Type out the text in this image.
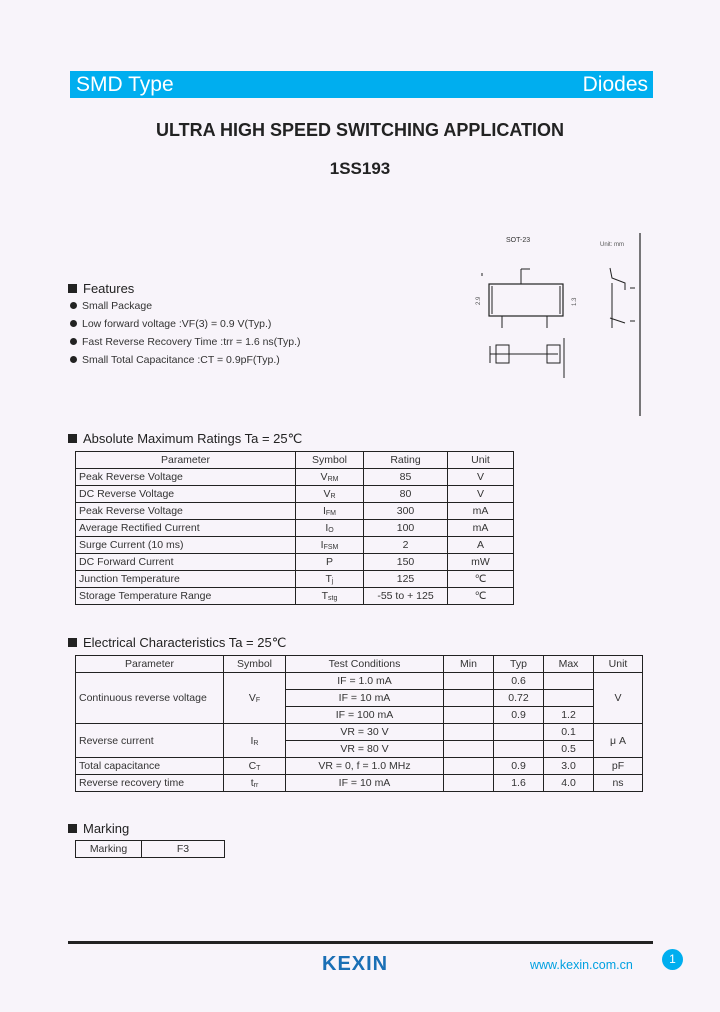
SMD Type	Diodes
ULTRA HIGH SPEED SWITCHING APPLICATION
1SS193
SOT-23
Unit: mm
2.9	1.3
Features
Small Package
Low forward voltage :VF(3) = 0.9 V(Typ.)
Fast Reverse Recovery Time :trr = 1.6 ns(Typ.)
Small Total Capacitance :CT = 0.9pF(Typ.)
Absolute Maximum Ratings Ta = 25℃
Parameter	Symbol	Rating	Unit
Peak Reverse Voltage	$V_{RM}$	85	V
DC Reverse Voltage	$V_R$	80	V
Peak Reverse Voltage	$I_{FM}$	300	mA
Average Rectified Current	$I_O$	100	mA
Surge Current (10 ms)	$I_{FSM}$	2	A
DC Forward Current	P	150	mW
Junction Temperature	$T_j$	125	℃
Storage Temperature Range	$T_{stg}$	-55 to + 125	℃
Electrical Characteristics Ta = 25℃
Parameter	Symbol	Test Conditions	Min	Typ	Max	Unit
Continuous reverse voltage	$V_F$	IF = 1.0 mA		0.6		V
		IF = 10 mA		0.72		
		IF = 100 mA		0.9	1.2	
Reverse current	$I_R$	VR = 30 V			0.1	μ A
		VR = 80 V			0.5	
Total capacitance	$C_T$	VR = 0, f = 1.0 MHz		0.9	3.0	pF
Reverse recovery time	$t_{rr}$	IF = 10 mA		1.6	4.0	ns
Marking
Marking	F3
KEXIN	www.kexin.com.cn	1
